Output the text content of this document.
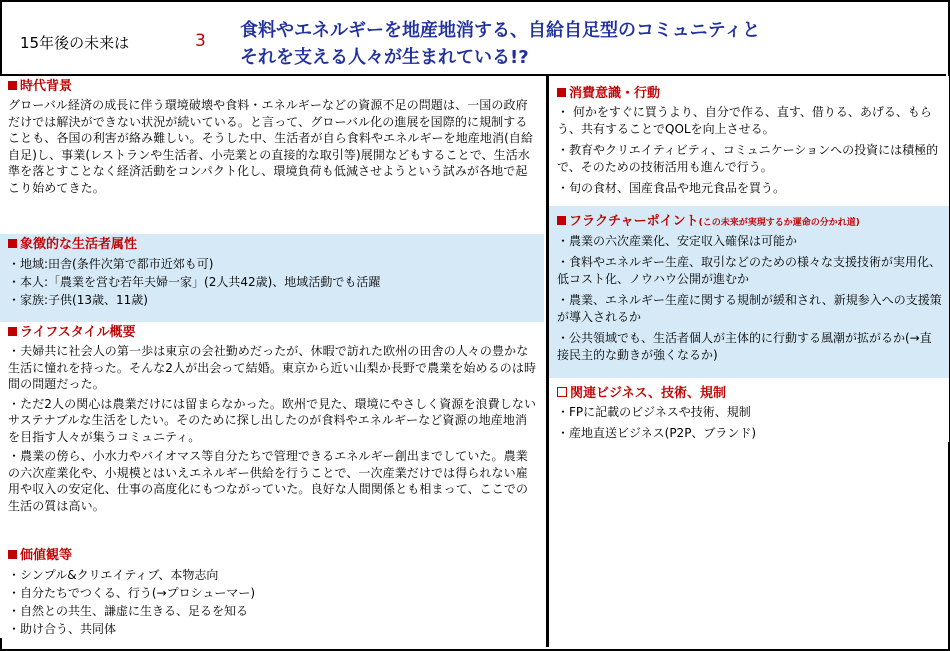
15年後の未来は	3 食料やエネルギーを地産地消する、自給自足型のコミュニティと
それを支える人々が生まれている!?
時代背景
グローバル経済の成長に伴う環境破壊や食料・エネルギーなどの資源不足の問題は、一国の政府だけでは解決ができない状況が続いている。と言って、グローバル化の進展を国際的に規制することも、各国の利害が絡み難しい。そうした中、生活者が自ら食料やエネルギーを地産地消(自給自足)し、事業(レストランや生活者、小売業との直接的な取引等)展開などもすることで、生活水準を落とすことなく経済活動をコンパクト化し、環境負荷も低減させようという試みが各地で起こり始めてきた。
象徴的な生活者属性
・地域:田舎(条件次第で都市近郊も可)
・本人:「農業を営む若年夫婦一家」(2人共42歳)、地域活動でも活躍
・家族:子供(13歳、11歳)
ライフスタイル概要
・夫婦共に社会人の第一歩は東京の会社勤めだったが、休暇で訪れた欧州の田舎の人々の豊かな生活に憧れを持った。そんな2人が出会って結婚。東京から近い山梨か長野で農業を始めるのは時間の問題だった。
・ただ2人の関心は農業だけには留まらなかった。欧州で見た、環境にやさしく資源を浪費しないサステナブルな生活をしたい。そのために探し出したのが食料やエネルギーなど資源の地産地消を目指す人々が集うコミュニティ。
・農業の傍ら、小水力やバイオマス等自分たちで管理できるエネルギー創出までしていた。農業の六次産業化や、小規模とはいえエネルギー供給を行うことで、一次産業だけでは得られない雇用や収入の安定化、仕事の高度化にもつながっていた。良好な人間関係とも相まって、ここでの生活の質は高い。
価値観等
・シンプル&クリエイティブ、本物志向
・自分たちでつくる、行う(→プロシューマー)
・自然との共生、謙虚に生きる、足るを知る
・助け合う、共同体
消費意識・行動
・ 何かをすぐに買うより、自分で作る、直す、借りる、あげる、もらう、共有することでQOLを向上させる。
・教育やクリエイティビティ、コミュニケーションへの投資には積極的で、そのための技術活用も進んで行う。
・旬の食材、国産食品や地元食品を買う。
フラクチャーポイント(この未来が実現するか運命の分かれ道)
・農業の六次産業化、安定収入確保は可能か
・食料やエネルギー生産、取引などのための様々な支援技術が実用化、低コスト化、ノウハウ公開が進むか
・農業、エネルギー生産に関する規制が緩和され、新規参入への支援策が導入されるか
・公共領域でも、生活者個人が主体的に行動する風潮が拡がるか(→直接民主的な動きが強くなるか)
関連ビジネス、技術、規制
・FPに記載のビジネスや技術、規制
・産地直送ビジネス(P2P、ブランド)
